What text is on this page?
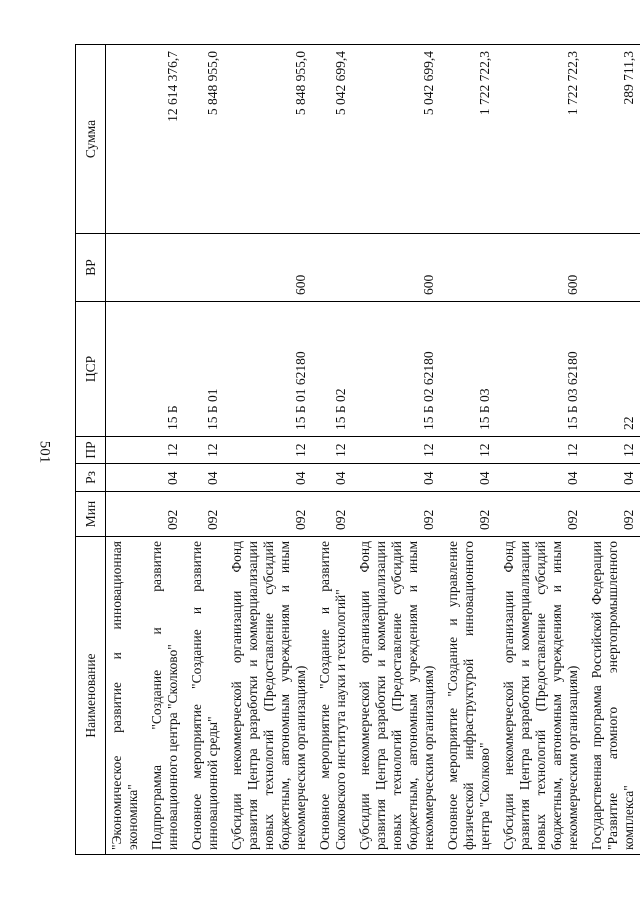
501
Наименование	Мин	Рз	ПР	ЦСР	ВР	Сумма
"Экономическое развитие и инновационная экономика"						
Подпрограмма "Создание и развитие инновационного центра "Сколково"	092	04	12	15 Б		12 614 376,7
Основное мероприятие "Создание и развитие инновационной среды"	092	04	12	15 Б 01		5 848 955,0
Субсидии некоммерческой организации Фонд развития Центра разработки и коммерциализации новых технологий (Предоставление субсидий бюджетным, автономным учреждениям и иным некоммерческим организациям)	092	04	12	15 Б 01 62180	600	5 848 955,0
Основное мероприятие "Создание и развитие Сколковского института науки и технологий"	092	04	12	15 Б 02		5 042 699,4
Субсидии некоммерческой организации Фонд развития Центра разработки и коммерциализации новых технологий (Предоставление субсидий бюджетным, автономным учреждениям и иным некоммерческим организациям)	092	04	12	15 Б 02 62180	600	5 042 699,4
Основное мероприятие "Создание и управление физической инфраструктурой инновационного центра "Сколково"	092	04	12	15 Б 03		1 722 722,3
Субсидии некоммерческой организации Фонд развития Центра разработки и коммерциализации новых технологий (Предоставление субсидий бюджетным, автономным учреждениям и иным некоммерческим организациям)	092	04	12	15 Б 03 62180	600	1 722 722,3
Государственная программа Российской Федерации "Развитие атомного энергопромышленного комплекса"	092	04	12	22		289 711,3
